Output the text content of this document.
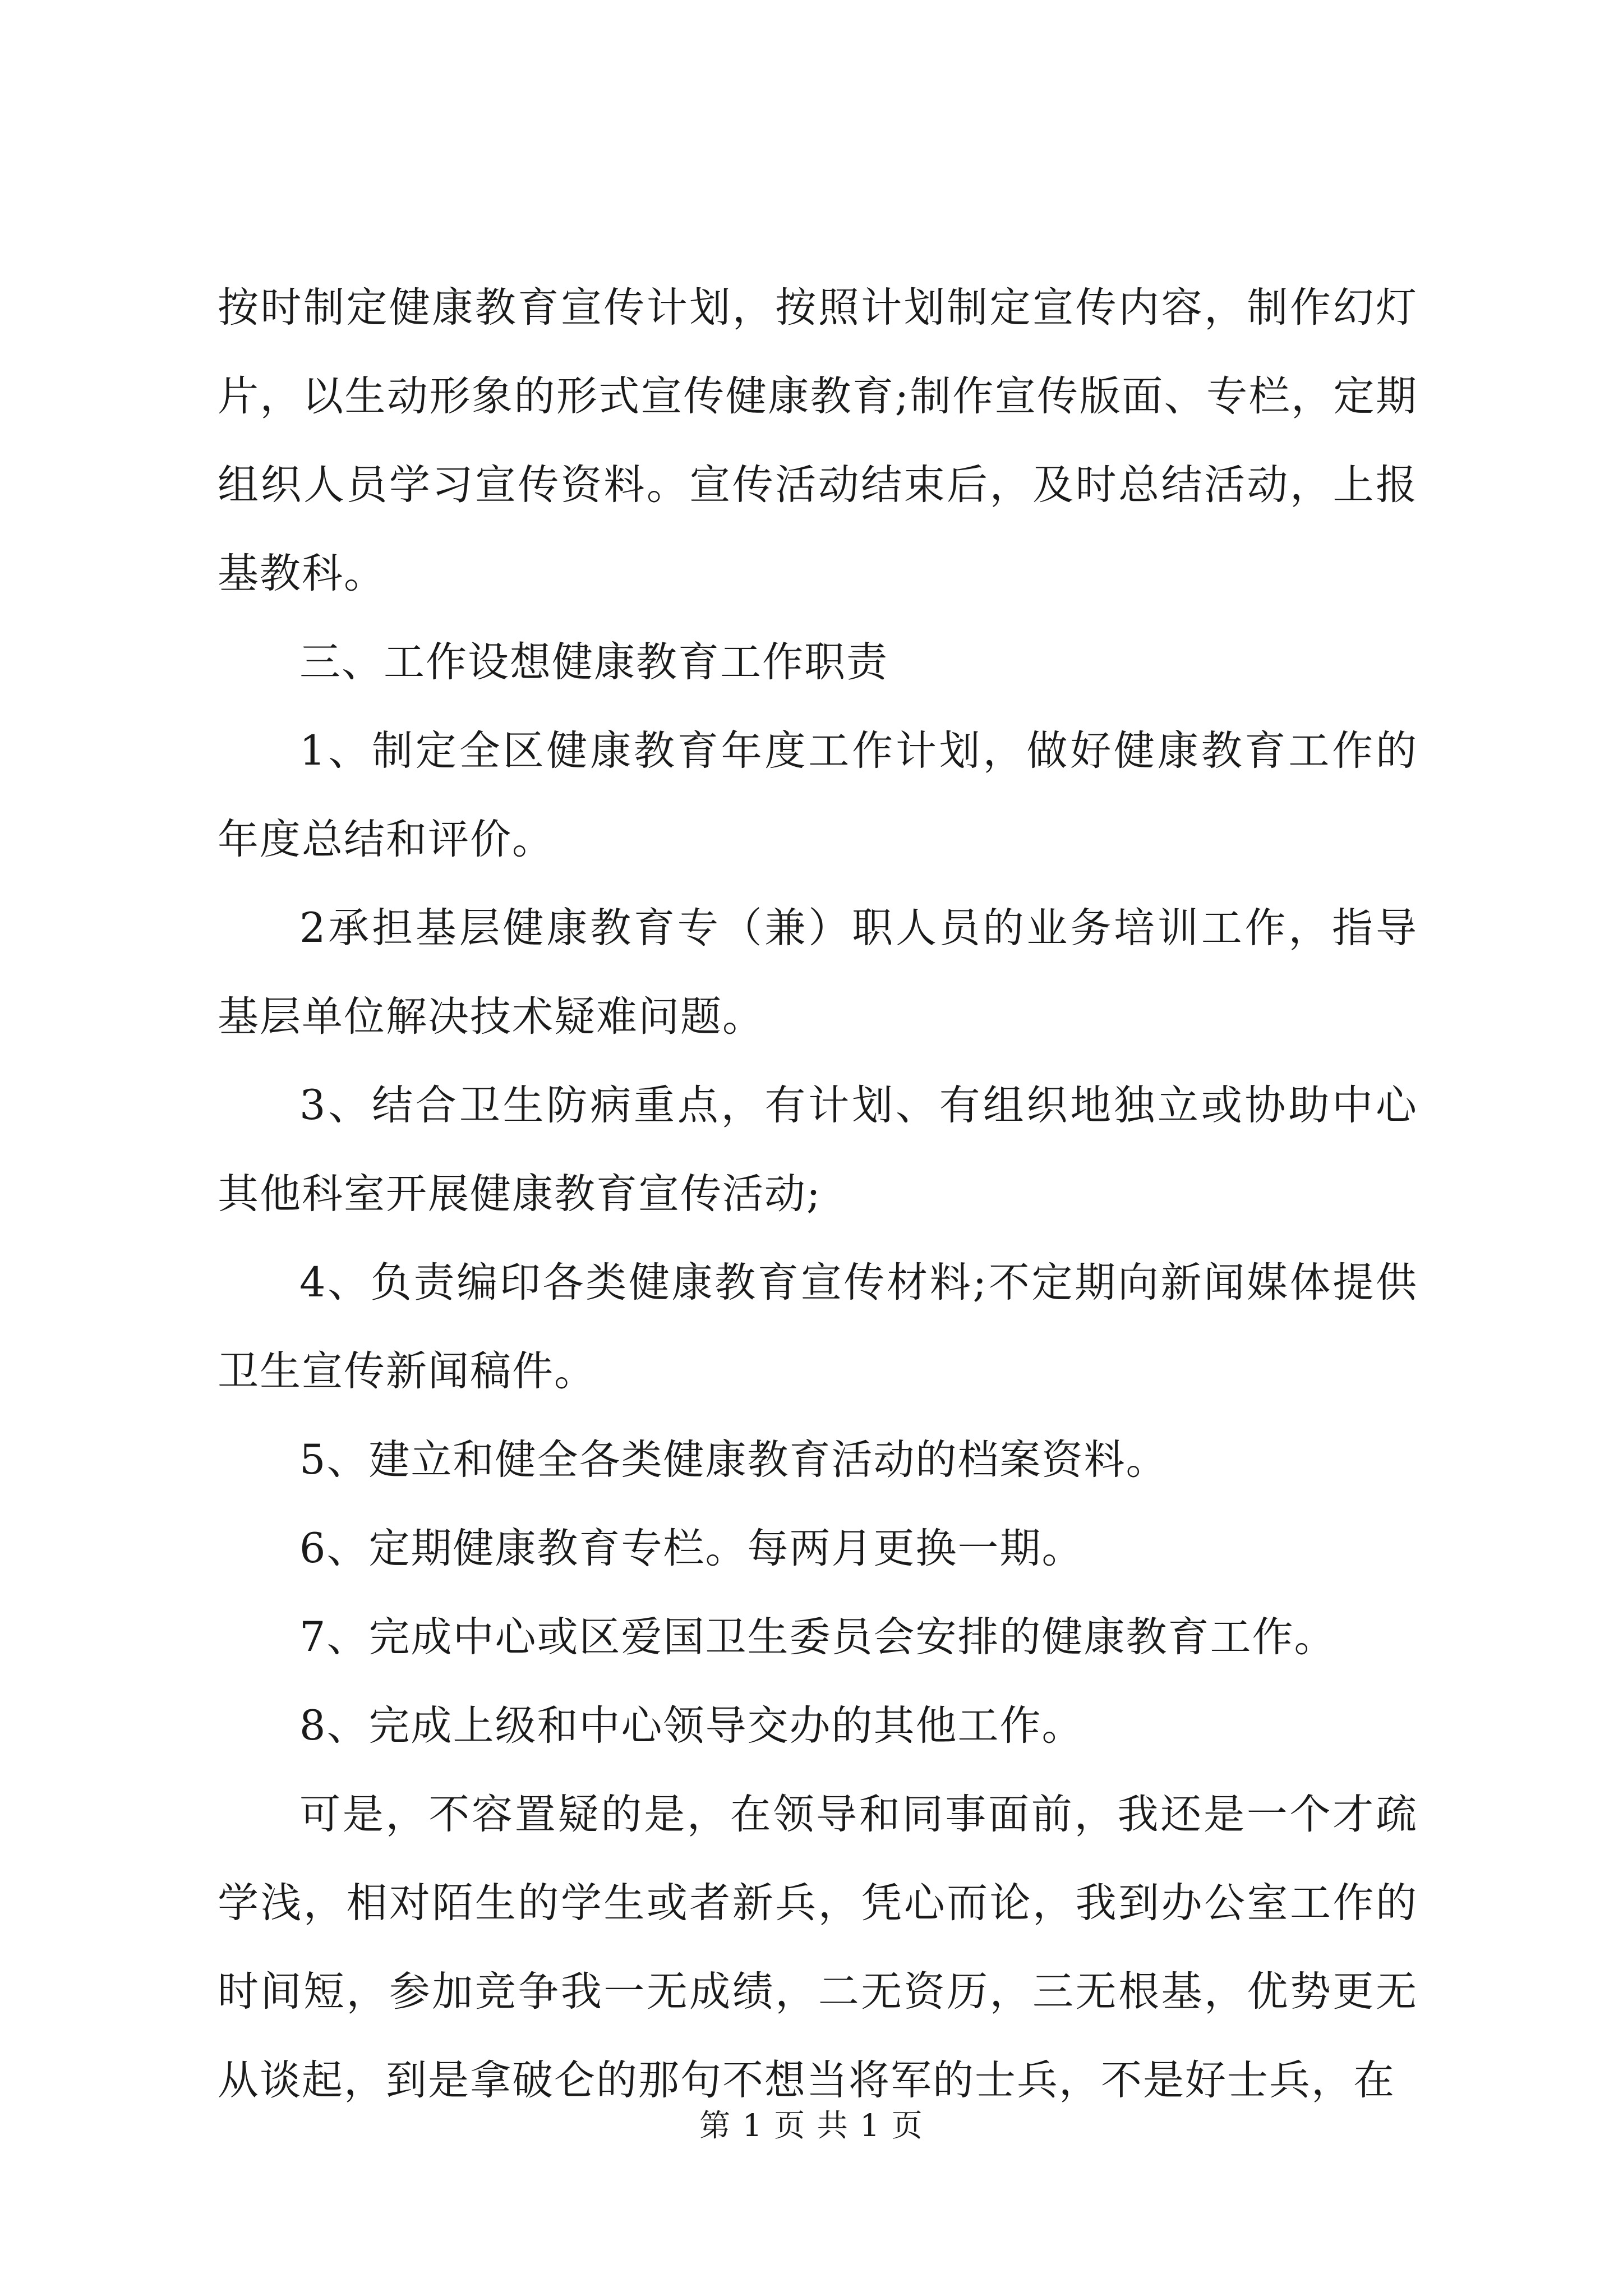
按时制定健康教育宣传计划，按照计划制定宣传内容，制作幻灯片，以生动形象的形式宣传健康教育;制作宣传版面、专栏，定期组织人员学习宣传资料。宣传活动结束后，及时总结活动，上报基教科。

三、工作设想健康教育工作职责

1、制定全区健康教育年度工作计划，做好健康教育工作的年度总结和评价。

2承担基层健康教育专（兼）职人员的业务培训工作，指导基层单位解决技术疑难问题。

3、结合卫生防病重点，有计划、有组织地独立或协助中心其他科室开展健康教育宣传活动;

4、负责编印各类健康教育宣传材料;不定期向新闻媒体提供卫生宣传新闻稿件。

5、建立和健全各类健康教育活动的档案资料。

6、定期健康教育专栏。每两月更换一期。

7、完成中心或区爱国卫生委员会安排的健康教育工作。

8、完成上级和中心领导交办的其他工作。

可是，不容置疑的是，在领导和同事面前，我还是一个才疏学浅，相对陌生的学生或者新兵，凭心而论，我到办公室工作的时间短，参加竞争我一无成绩，二无资历，三无根基，优势更无从谈起，到是拿破仑的那句不想当将军的士兵，不是好士兵，在

第 1 页 共 1 页
